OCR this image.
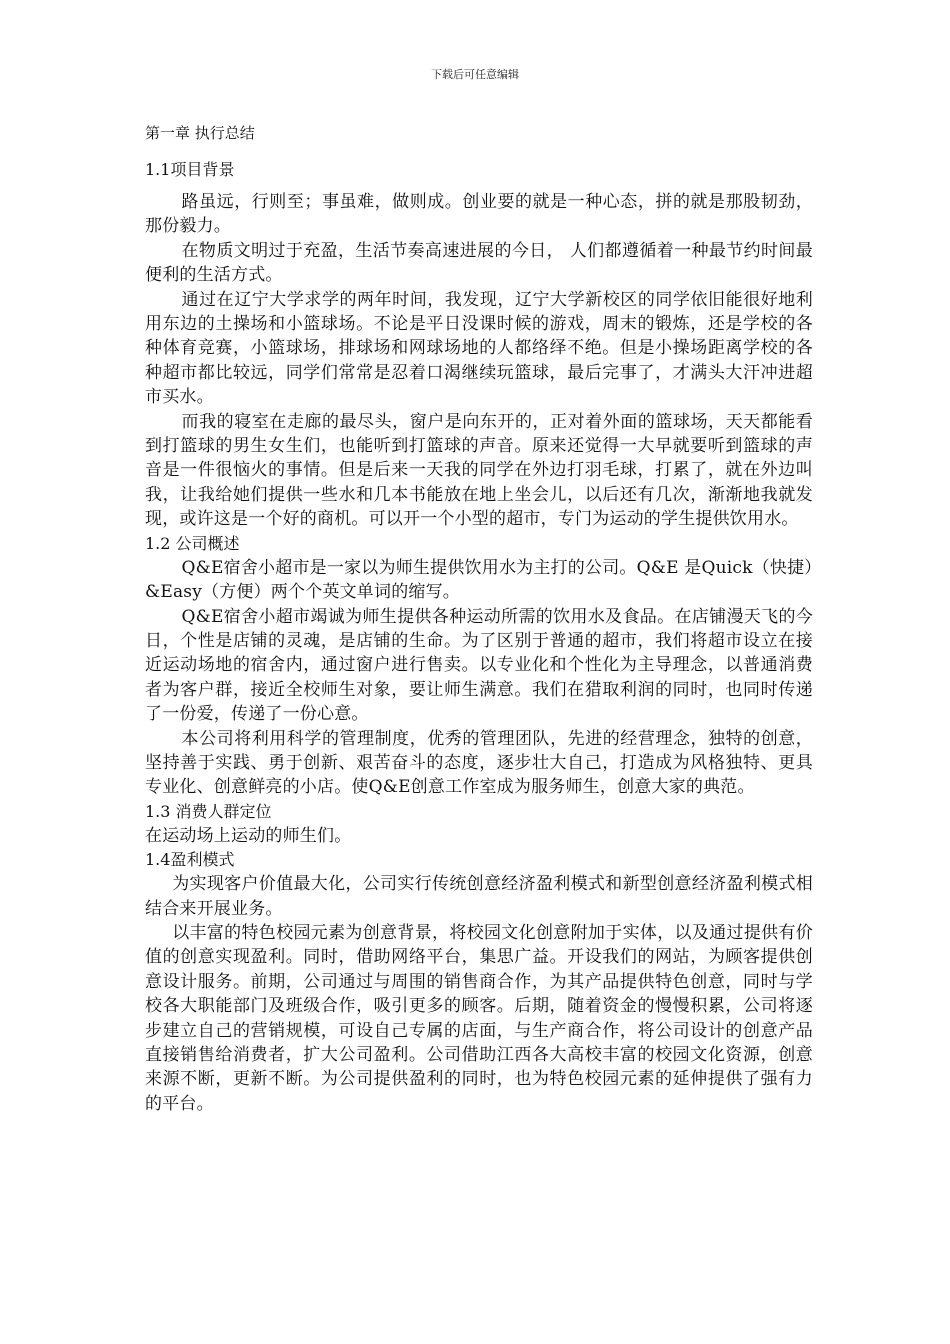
下载后可任意编辑
第一章 执行总结
1.1项目背景

路虽远，行则至；事虽难，做则成。创业要的就是一种心态，拼的就是那股韧劲，那份毅力。

在物质文明过于充盈，生活节奏高速进展的今日， 人们都遵循着一种最节约时间最便利的生活方式。

通过在辽宁大学求学的两年时间，我发现，辽宁大学新校区的同学依旧能很好地利用东边的土操场和小篮球场。不论是平日没课时候的游戏，周末的锻炼，还是学校的各种体育竞赛，小篮球场，排球场和网球场地的人都络绎不绝。但是小操场距离学校的各种超市都比较远，同学们常常是忍着口渴继续玩篮球，最后完事了，才满头大汗冲进超市买水。

而我的寝室在走廊的最尽头，窗户是向东开的，正对着外面的篮球场，天天都能看到打篮球的男生女生们，也能听到打篮球的声音。原来还觉得一大早就要听到篮球的声音是一件很恼火的事情。但是后来一天我的同学在外边打羽毛球，打累了，就在外边叫我，让我给她们提供一些水和几本书能放在地上坐会儿，以后还有几次，渐渐地我就发现，或许这是一个好的商机。可以开一个小型的超市，专门为运动的学生提供饮用水。

1.2 公司概述

Q&E宿舍小超市是一家以为师生提供饮用水为主打的公司。Q&E 是Quick（快捷）&Easy（方便）两个个英文单词的缩写。

Q&E宿舍小超市竭诚为师生提供各种运动所需的饮用水及食品。在店铺漫天飞的今日，个性是店铺的灵魂，是店铺的生命。为了区别于普通的超市，我们将超市设立在接近运动场地的宿舍内，通过窗户进行售卖。以专业化和个性化为主导理念，以普通消费者为客户群，接近全校师生对象，要让师生满意。我们在猎取利润的同时，也同时传递了一份爱，传递了一份心意。

本公司将利用科学的管理制度，优秀的管理团队，先进的经营理念，独特的创意，坚持善于实践、勇于创新、艰苦奋斗的态度，逐步壮大自己，打造成为风格独特、更具专业化、创意鲜亮的小店。使Q&E创意工作室成为服务师生，创意大家的典范。

1.3 消费人群定位

在运动场上运动的师生们。

1.4盈利模式

为实现客户价值最大化，公司实行传统创意经济盈利模式和新型创意经济盈利模式相结合来开展业务。

以丰富的特色校园元素为创意背景，将校园文化创意附加于实体，以及通过提供有价值的创意实现盈利。同时，借助网络平台，集思广益。开设我们的网站，为顾客提供创意设计服务。前期，公司通过与周围的销售商合作，为其产品提供特色创意，同时与学校各大职能部门及班级合作，吸引更多的顾客。后期，随着资金的慢慢积累，公司将逐步建立自己的营销规模，可设自己专属的店面，与生产商合作，将公司设计的创意产品直接销售给消费者，扩大公司盈利。公司借助江西各大高校丰富的校园文化资源，创意来源不断，更新不断。为公司提供盈利的同时，也为特色校园元素的延伸提供了强有力的平台。
